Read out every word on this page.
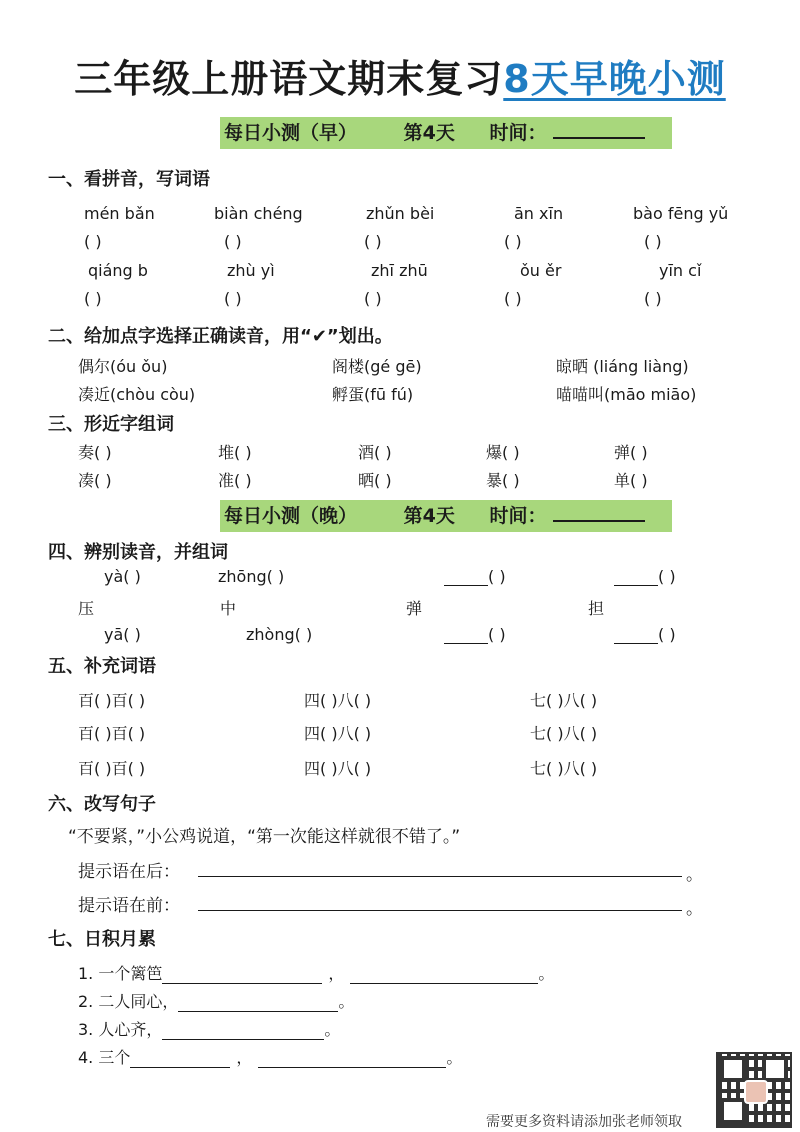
三年级上册语文期末复习8天早晚小测
每日小测（早） 第4天 时间：
一、看拼音，写词语
mén bǎn	biàn chéng	zhǔn bèi	ān xīn	bào fēng yǔ
( )	( )	( )	( )	( )
qiáng b	zhù yì	zhī zhū	ǒu ěr	yīn cǐ
( )	( )	( )	( )	( )
二、给加点字选择正确读音，用“✔”划出。
偶尔(óu ǒu)	阁楼(gé gē)	晾晒 (liáng liàng)
凑近(chòu còu)	孵蛋(fū fú)	喵喵叫(māo miāo)
三、形近字组词
奏( )	堆( )	酒( )	爆( )	弹( )
凑( )	准( )	晒( )	暴( )	单( )
每日小测（晚） 第4天 时间：
四、辨别读音，并组词
yà( )	zhōng( )	( )	( )
压	中	弹	担
yā( )	zhòng( )	( )	( )
五、补充词语
百( )百( )	四( )八( )	七( )八( )
百( )百( )	四( )八( )	七( )八( )
百( )百( )	四( )八( )	七( )八( )
六、改写句子
“不要紧，”小公鸡说道，“第一次能这样就很不错了。”
提示语在后：	。
提示语在前：	。
七、日积月累
1. 一个篱笆	，	。
2. 二人同心，	。
3. 人心齐，	。
4. 三个	，	。
需要更多资料请添加张老师领取
